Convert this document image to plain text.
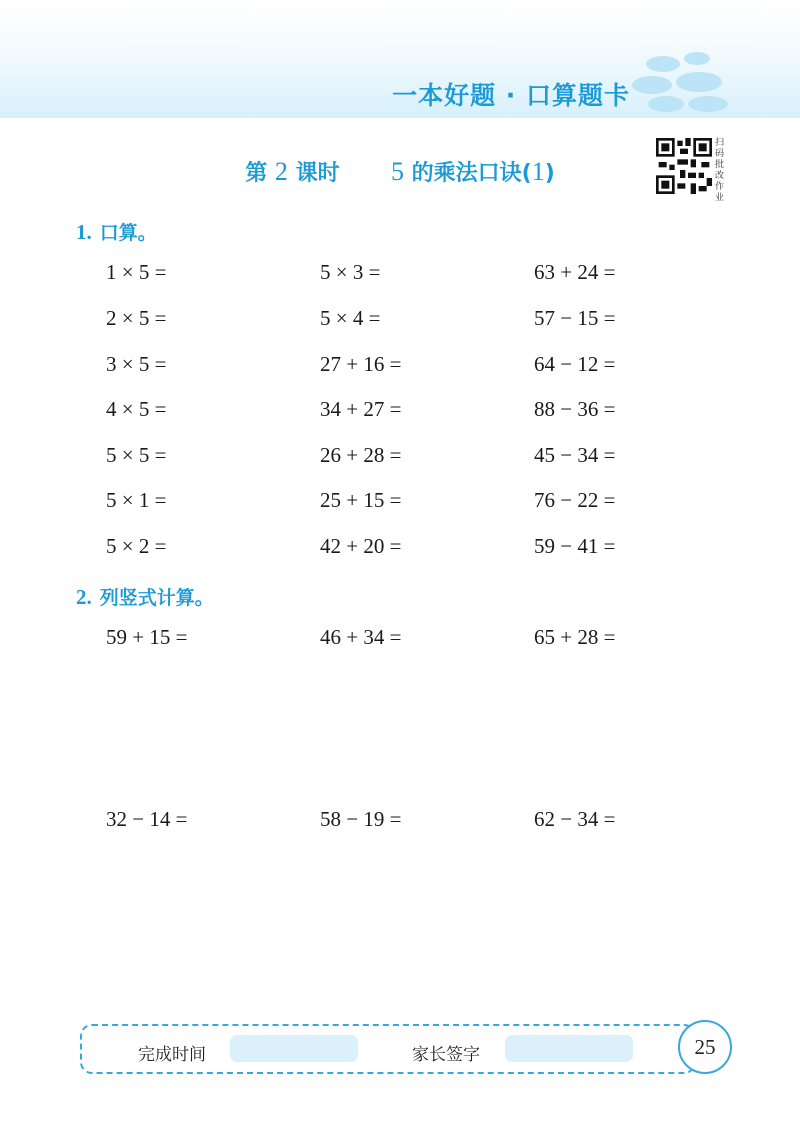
一本好题 · 口算题卡
第 2 课时 5 的乘法口诀(1)
扫码批改作业
1. 口算。
1 × 5 =	5 × 3 =	63 + 24 =
2 × 5 =	5 × 4 =	57 − 15 =
3 × 5 =	27 + 16 =	64 − 12 =
4 × 5 =	34 + 27 =	88 − 36 =
5 × 5 =	26 + 28 =	45 − 34 =
5 × 1 =	25 + 15 =	76 − 22 =
5 × 2 =	42 + 20 =	59 − 41 =
2. 列竖式计算。
59 + 15 =	46 + 34 =	65 + 28 =
32 − 14 =	58 − 19 =	62 − 34 =
完成时间	家长签字	25
